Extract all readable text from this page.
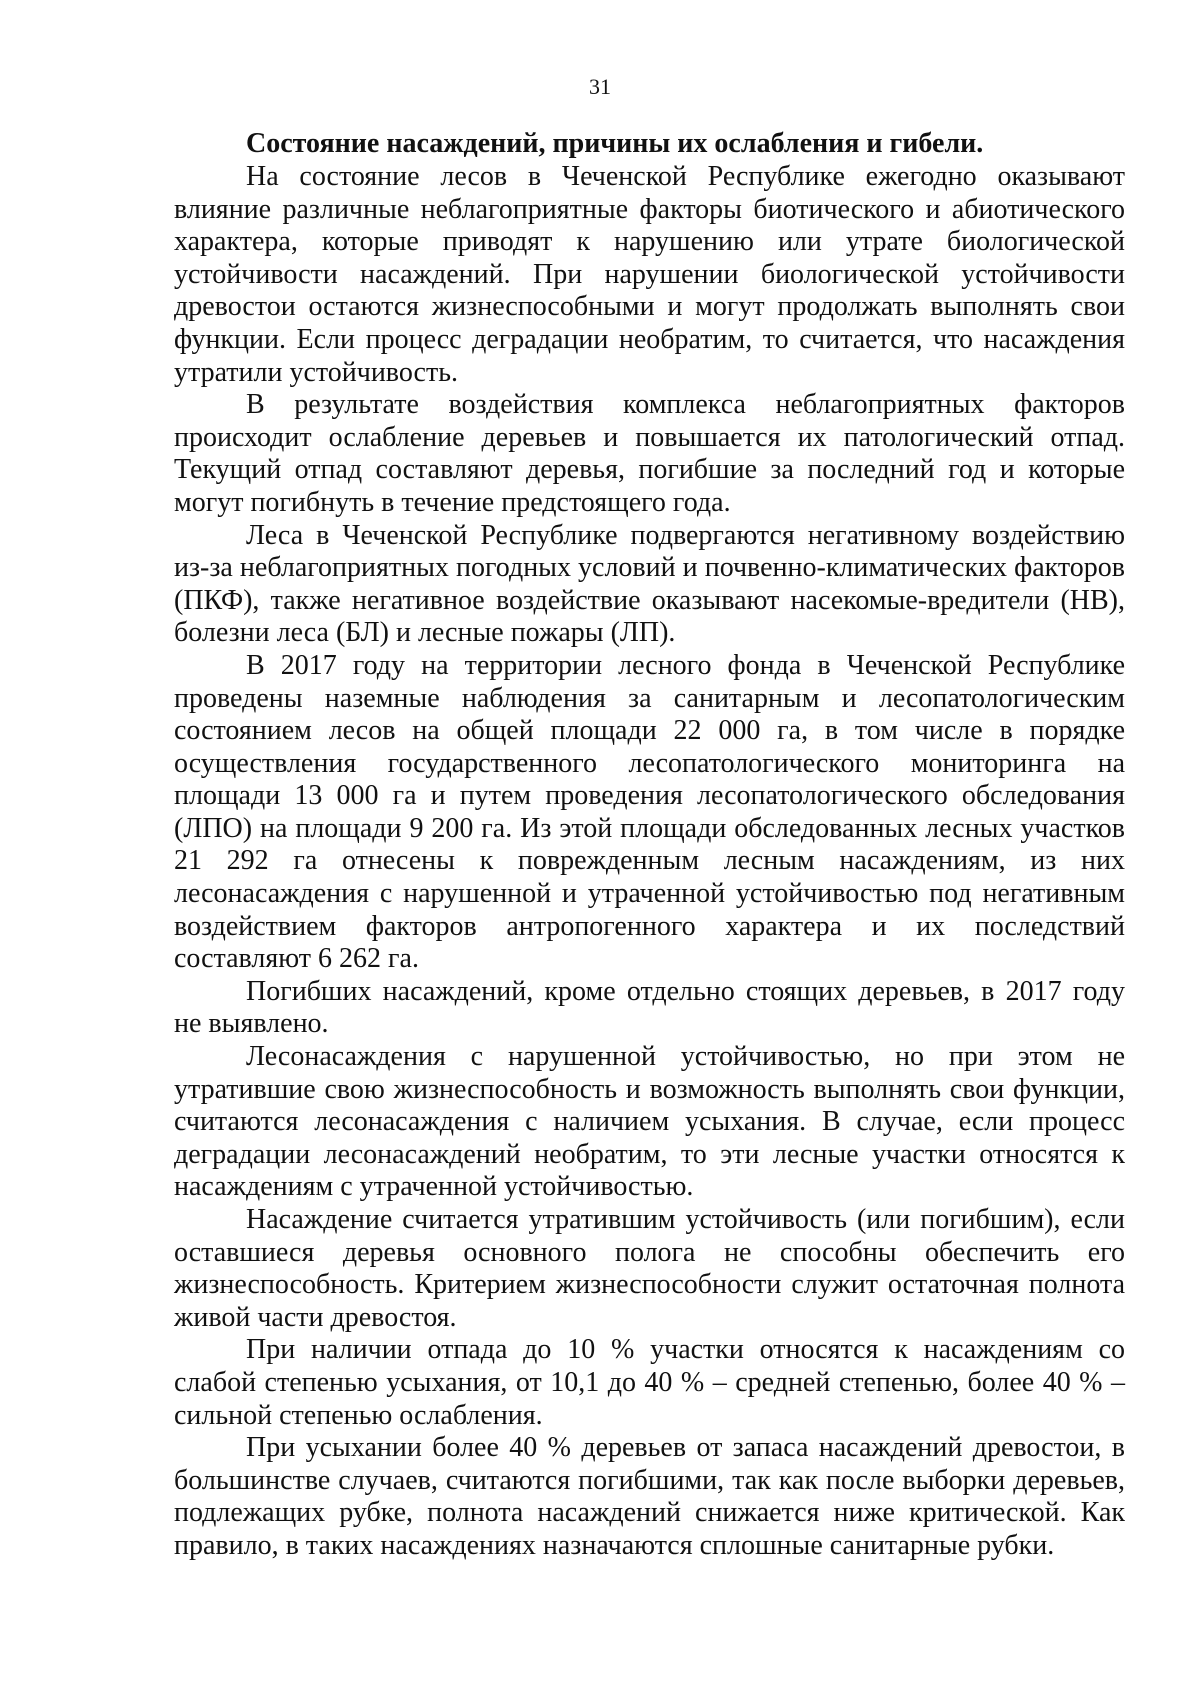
31

Состояние насаждений, причины их ослабления и гибели.

На состояние лесов в Чеченской Республике ежегодно оказывают влияние различные неблагоприятные факторы биотического и абиотического характера, которые приводят к нарушению или утрате биологической устойчивости насаждений. При нарушении биологической устойчивости древостои остаются жизнеспособными и могут продолжать выполнять свои функции. Если процесс деградации необратим, то считается, что насаждения утратили устойчивость.

В результате воздействия комплекса неблагоприятных факторов происходит ослабление деревьев и повышается их патологический отпад. Текущий отпад составляют деревья, погибшие за последний год и которые могут погибнуть в течение предстоящего года.

Леса в Чеченской Республике подвергаются негативному воздействию из-за неблагоприятных погодных условий и почвенно-климатических факторов (ПКФ), также негативное воздействие оказывают насекомые-вредители (НВ), болезни леса (БЛ) и лесные пожары (ЛП).

В 2017 году на территории лесного фонда в Чеченской Республике проведены наземные наблюдения за санитарным и лесопатологическим состоянием лесов на общей площади 22 000 га, в том числе в порядке осуществления государственного лесопатологического мониторинга на площади 13 000 га и путем проведения лесопатологического обследования (ЛПО) на площади 9 200 га. Из этой площади обследованных лесных участков 21 292 га отнесены к поврежденным лесным насаждениям, из них лесонасаждения с нарушенной и утраченной устойчивостью под негативным воздействием факторов антропогенного характера и их последствий составляют 6 262 га.

Погибших насаждений, кроме отдельно стоящих деревьев, в 2017 году не выявлено.

Лесонасаждения с нарушенной устойчивостью, но при этом не утратившие свою жизнеспособность и возможность выполнять свои функции, считаются лесонасаждения с наличием усыхания. В случае, если процесс деградации лесонасаждений необратим, то эти лесные участки относятся к насаждениям с утраченной устойчивостью.

Насаждение считается утратившим устойчивость (или погибшим), если оставшиеся деревья основного полога не способны обеспечить его жизнеспособность. Критерием жизнеспособности служит остаточная полнота живой части древостоя.

При наличии отпада до 10 % участки относятся к насаждениям со слабой степенью усыхания, от 10,1 до 40 % – средней степенью, более 40 % – сильной степенью ослабления.

При усыхании более 40 % деревьев от запаса насаждений древостои, в большинстве случаев, считаются погибшими, так как после выборки деревьев, подлежащих рубке, полнота насаждений снижается ниже критической. Как правило, в таких насаждениях назначаются сплошные санитарные рубки.
